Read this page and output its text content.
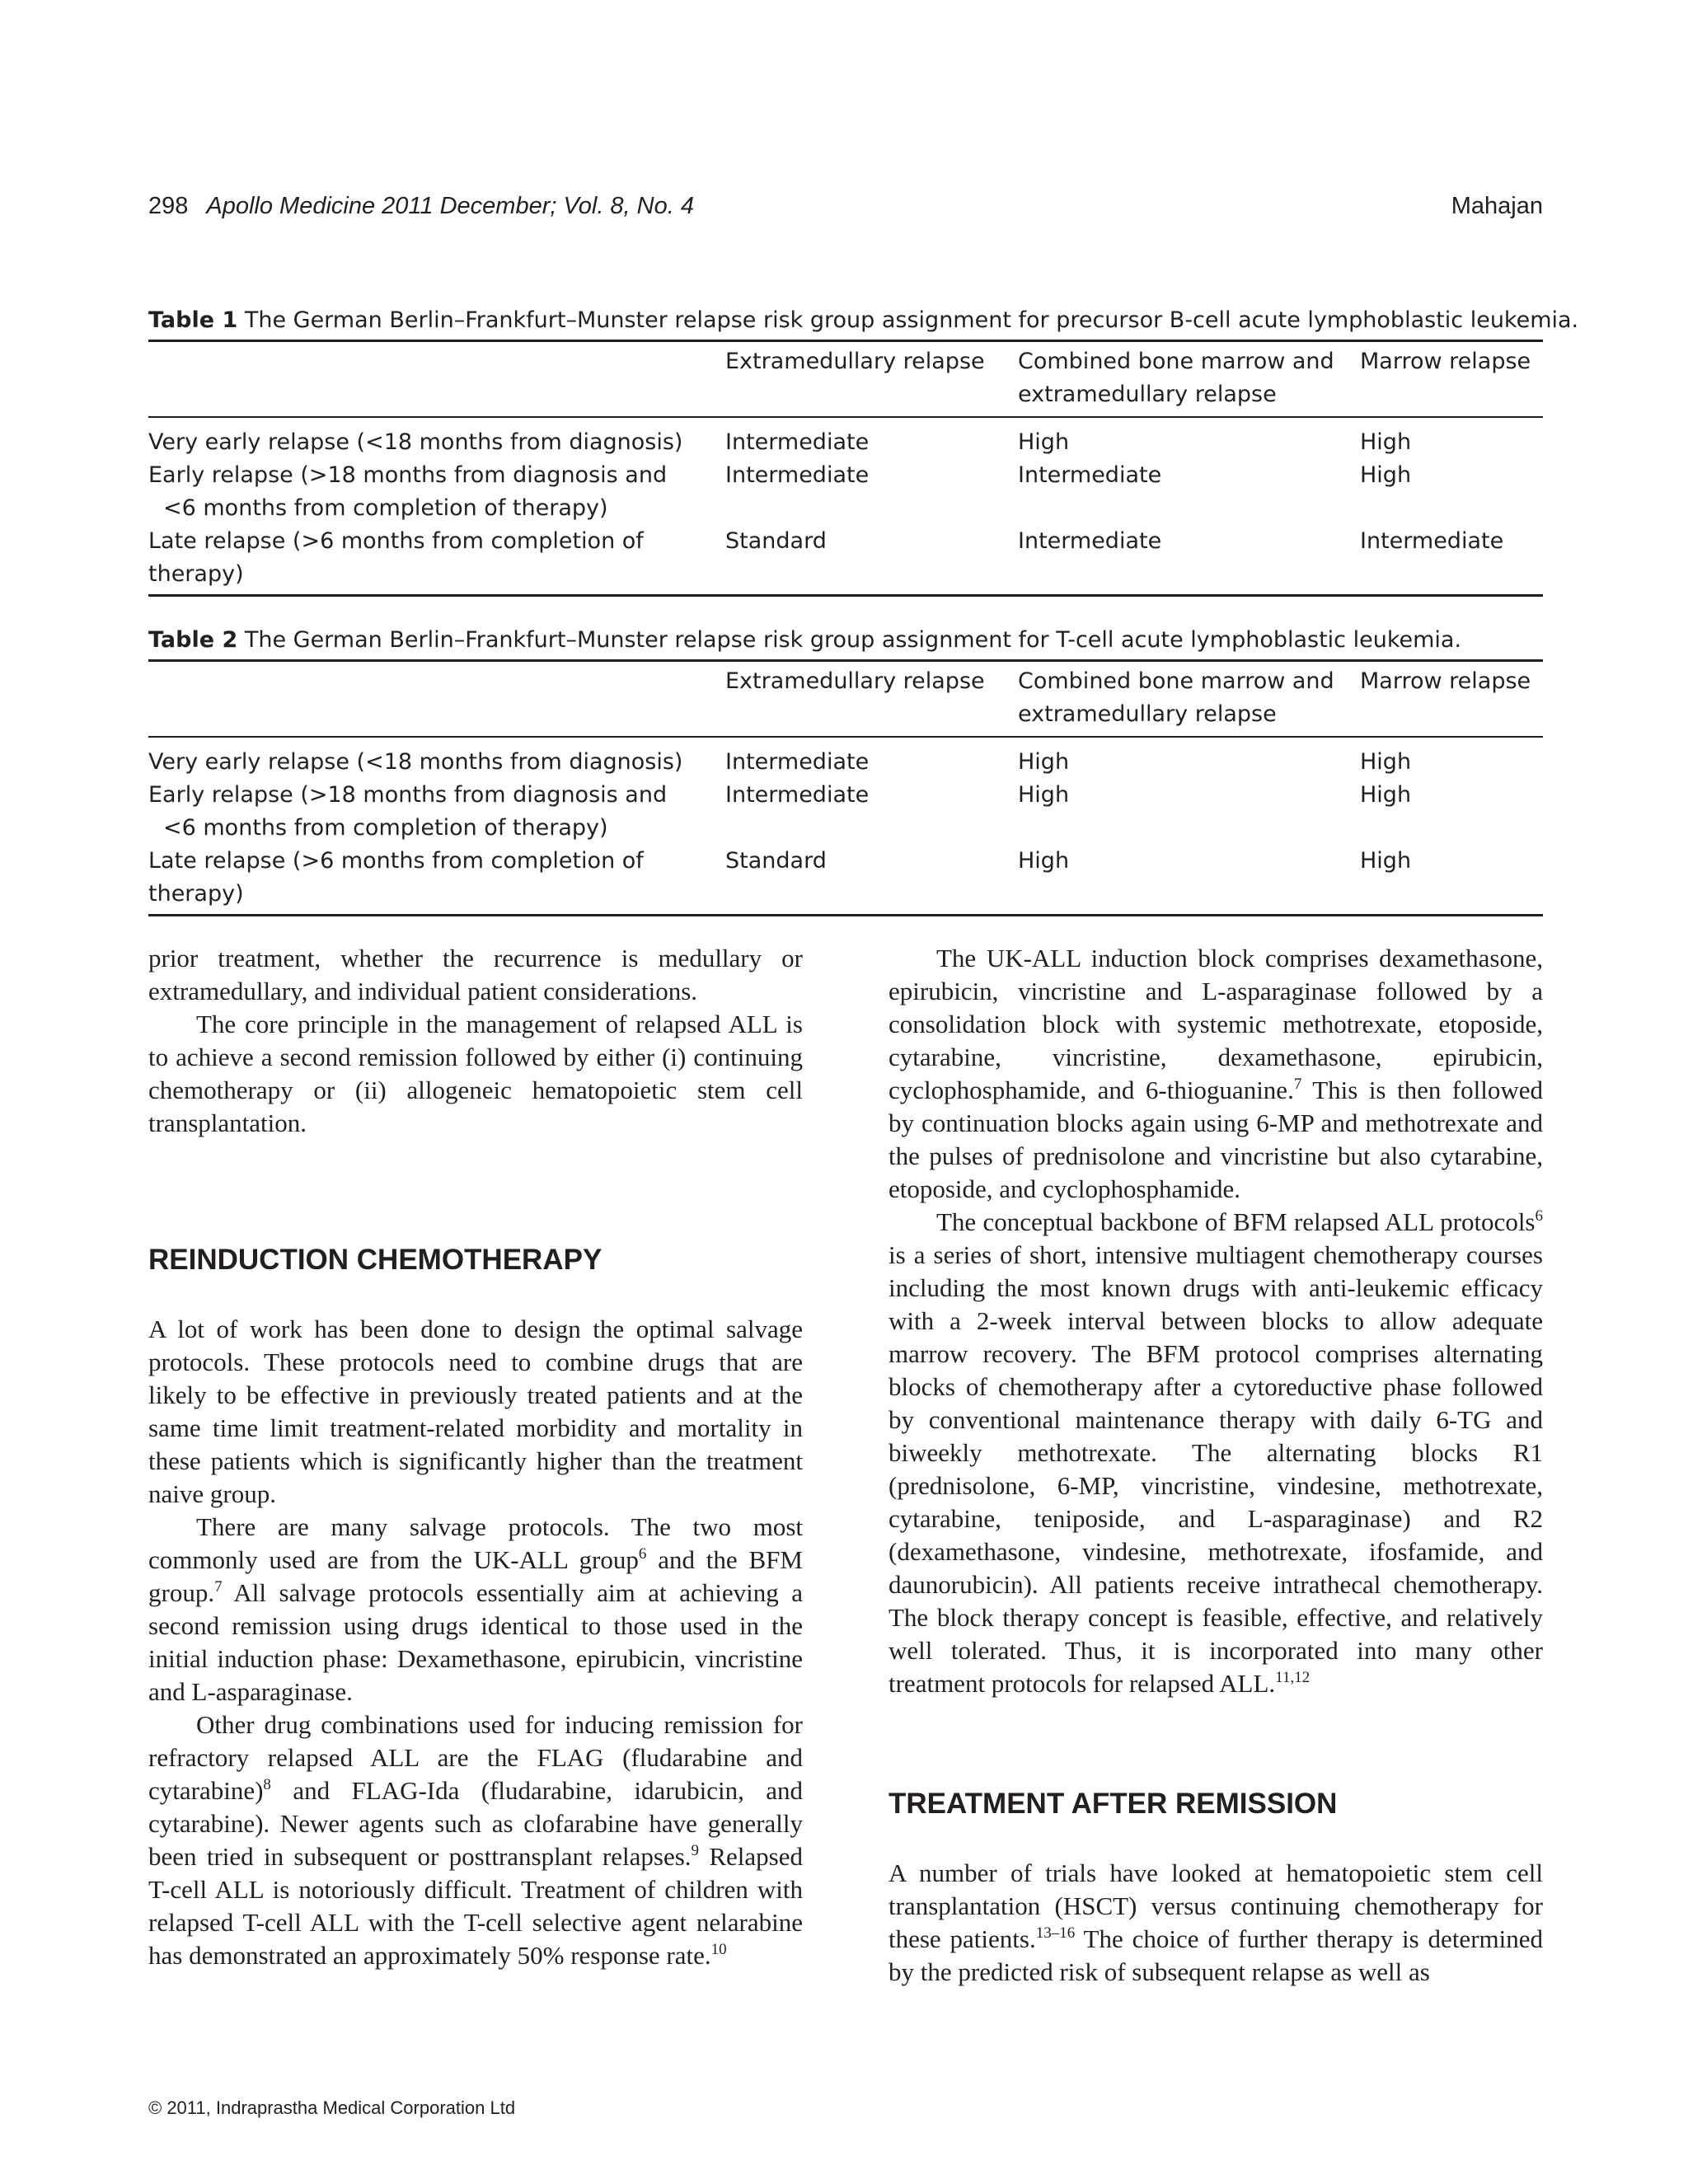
298 Apollo Medicine 2011 December; Vol. 8, No. 4	Mahajan
Table 1 The German Berlin–Frankfurt–Munster relapse risk group assignment for precursor B-cell acute lymphoblastic leukemia.
	Extramedullary relapse	Combined bone marrow and extramedullary relapse	Marrow relapse
Very early relapse (<18 months from diagnosis)	Intermediate	High	High
Early relapse (>18 months from diagnosis and	Intermediate	Intermediate	High

<6 months from completion of therapy)			

Late relapse (>6 months from completion of therapy)	Standard	Intermediate	Intermediate
Table 2 The German Berlin–Frankfurt–Munster relapse risk group assignment for T-cell acute lymphoblastic leukemia.
	Extramedullary relapse	Combined bone marrow and extramedullary relapse	Marrow relapse
Very early relapse (<18 months from diagnosis)	Intermediate	High	High
Early relapse (>18 months from diagnosis and	Intermediate	High	High

<6 months from completion of therapy)			

Late relapse (>6 months from completion of therapy)	Standard	High	High

prior treatment, whether the recurrence is medullary or extramedullary, and individual patient considerations.

The core principle in the management of relapsed ALL is to achieve a second remission followed by either (i) continuing chemotherapy or (ii) allogeneic hematopoietic stem cell transplantation.

REINDUCTION CHEMOTHERAPY

A lot of work has been done to design the optimal salvage protocols. These protocols need to combine drugs that are likely to be effective in previously treated patients and at the same time limit treatment-related morbidity and mortality in these patients which is significantly higher than the treatment naive group.

There are many salvage protocols. The two most commonly used are from the UK-ALL group$^6$ and the BFM group.$^7$ All salvage protocols essentially aim at achieving a second remission using drugs identical to those used in the initial induction phase: Dexamethasone, epirubicin, vincristine and L-asparaginase.

Other drug combinations used for inducing remission for refractory relapsed ALL are the FLAG (fludarabine and cytarabine)$^8$ and FLAG-Ida (fludarabine, idarubicin, and cytarabine). Newer agents such as clofarabine have generally been tried in subsequent or posttransplant relapses.$^9$ Relapsed T-cell ALL is notoriously difficult. Treatment of children with relapsed T-cell ALL with the T-cell selective agent nelarabine has demonstrated an approximately 50% response rate.$^{10}$

The UK-ALL induction block comprises dexamethasone, epirubicin, vincristine and L-asparaginase followed by a consolidation block with systemic methotrexate, etoposide, cytarabine, vincristine, dexamethasone, epirubicin, cyclophosphamide, and 6-thioguanine.$^7$ This is then followed by continuation blocks again using 6-MP and methotrexate and the pulses of prednisolone and vincristine but also cytarabine, etoposide, and cyclophosphamide.

The conceptual backbone of BFM relapsed ALL protocols$^6$ is a series of short, intensive multiagent chemotherapy courses including the most known drugs with anti-leukemic efficacy with a 2-week interval between blocks to allow adequate marrow recovery. The BFM protocol comprises alternating blocks of chemotherapy after a cytoreductive phase followed by conventional maintenance therapy with daily 6-TG and biweekly methotrexate. The alternating blocks R1 (prednisolone, 6-MP, vincristine, vindesine, methotrexate, cytarabine, teniposide, and L-asparaginase) and R2 (dexamethasone, vindesine, methotrexate, ifosfamide, and daunorubicin). All patients receive intrathecal chemotherapy. The block therapy concept is feasible, effective, and relatively well tolerated. Thus, it is incorporated into many other treatment protocols for relapsed ALL.$^{11,12}$

TREATMENT AFTER REMISSION

A number of trials have looked at hematopoietic stem cell transplantation (HSCT) versus continuing chemotherapy for these patients.$^{13-16}$ The choice of further therapy is determined by the predicted risk of subsequent relapse as well as

© 2011, Indraprastha Medical Corporation Ltd
